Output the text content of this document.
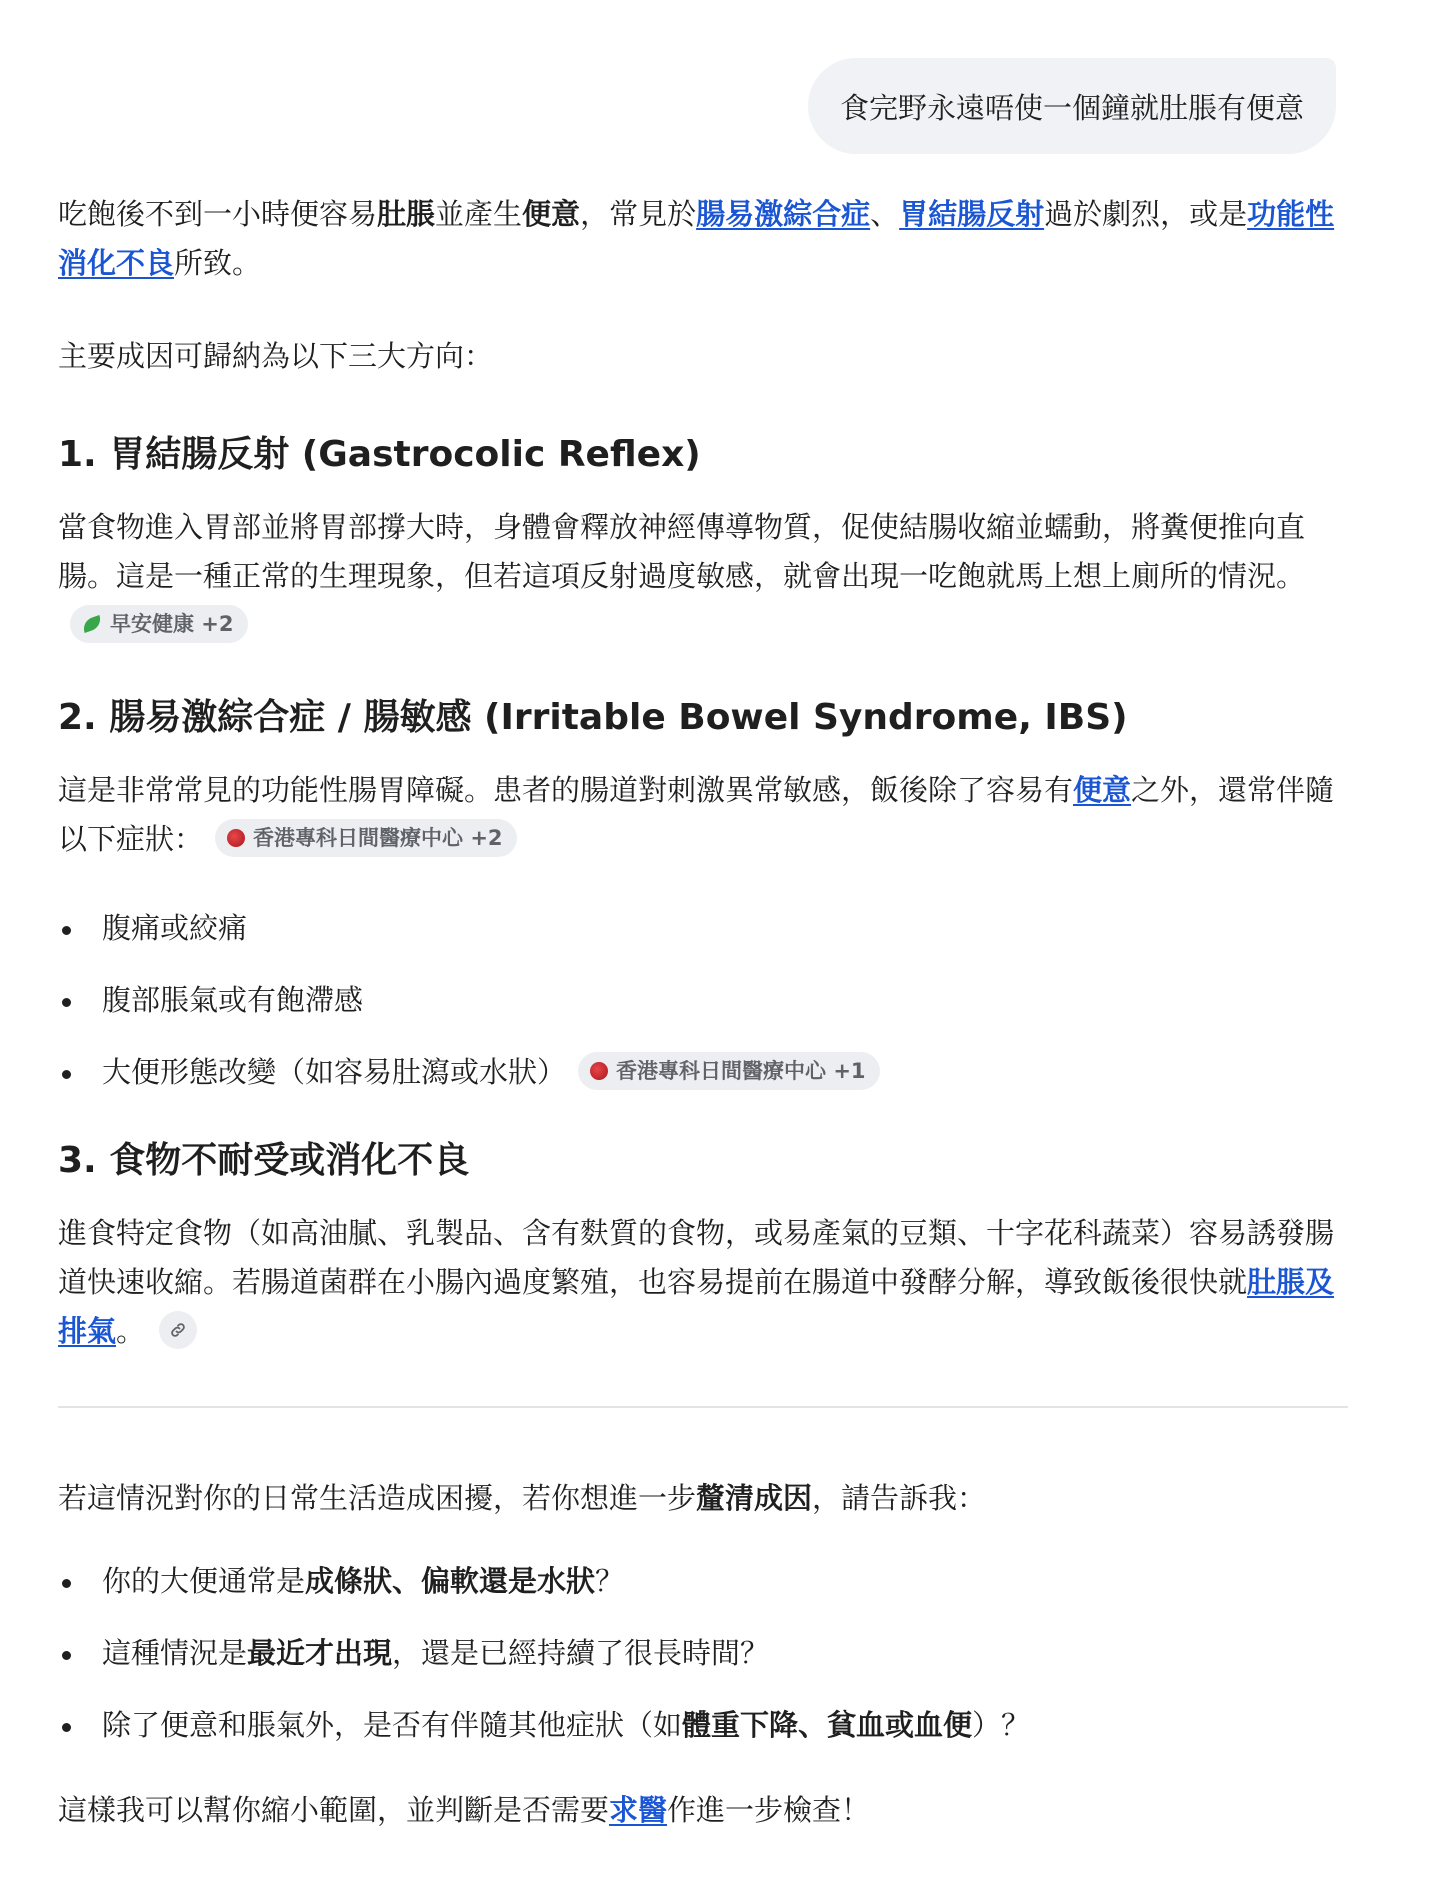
食完野永遠唔使一個鐘就肚脹有便意

吃飽後不到一小時便容易肚脹並產生便意，常見於腸易激綜合症、胃結腸反射過於劇烈，或是功能性消化不良所致。

主要成因可歸納為以下三大方向：

1. 胃結腸反射 (Gastrocolic Reflex)

當食物進入胃部並將胃部撐大時，身體會釋放神經傳導物質，促使結腸收縮並蠕動，將糞便推向直腸。這是一種正常的生理現象，但若這項反射過度敏感，就會出現一吃飽就馬上想上廁所的情況。
早安健康 +2

2. 腸易激綜合症 / 腸敏感 (Irritable Bowel Syndrome, IBS)

這是非常常見的功能性腸胃障礙。患者的腸道對刺激異常敏感，飯後除了容易有便意之外，還常伴隨以下症狀： 香港專科日間醫療中心 +2

腹痛或絞痛
腹部脹氣或有飽滯感
大便形態改變（如容易肚瀉或水狀） 香港專科日間醫療中心 +1
3. 食物不耐受或消化不良

進食特定食物（如高油膩、乳製品、含有麩質的食物，或易產氣的豆類、十字花科蔬菜）容易誘發腸道快速收縮。若腸道菌群在小腸內過度繁殖，也容易提前在腸道中發酵分解，導致飯後很快就肚脹及排氣。

若這情況對你的日常生活造成困擾，若你想進一步釐清成因，請告訴我：

你的大便通常是成條狀、偏軟還是水狀？
這種情況是最近才出現，還是已經持續了很長時間？
除了便意和脹氣外，是否有伴隨其他症狀（如體重下降、貧血或血便）？

這樣我可以幫你縮小範圍，並判斷是否需要求醫作進一步檢查！
